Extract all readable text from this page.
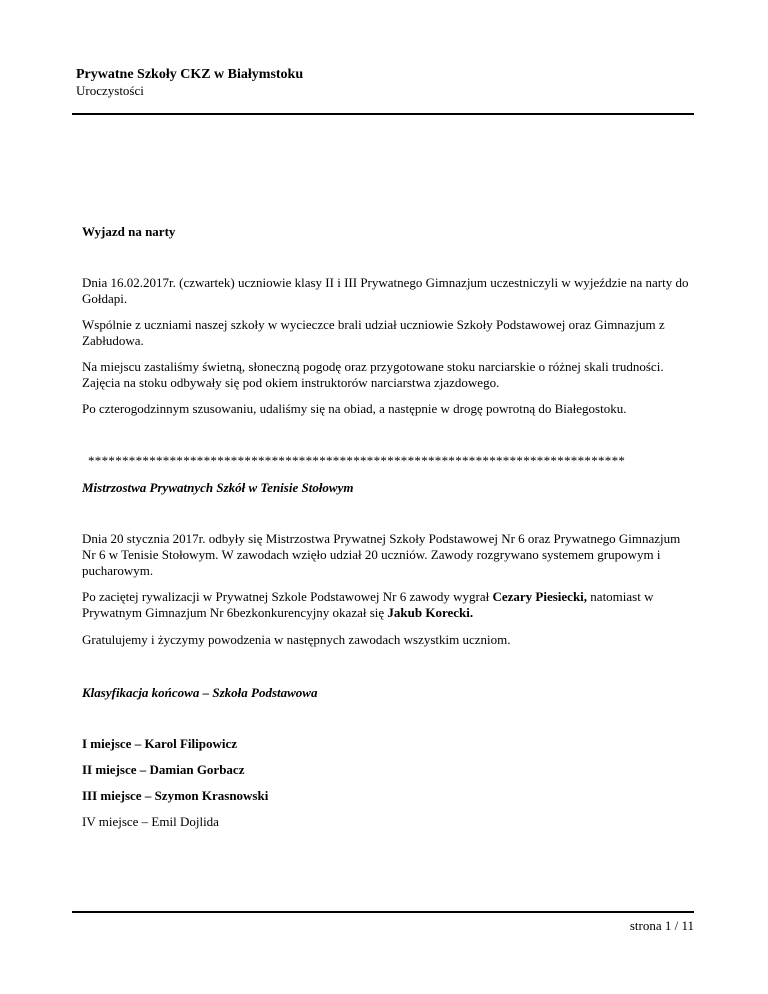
Prywatne Szkoły CKZ w Białymstoku
Uroczystości

Wyjazd na narty

Dnia 16.02.2017r. (czwartek) uczniowie klasy II i III Prywatnego Gimnazjum uczestniczyli w wyjeździe na narty do Gołdapi.

Wspólnie z uczniami naszej szkoły w wycieczce brali udział uczniowie Szkoły Podstawowej oraz Gimnazjum z Zabłudowa.

Na miejscu zastaliśmy świetną, słoneczną pogodę oraz przygotowane stoku narciarskie o różnej skali trudności. Zajęcia na stoku odbywały się pod okiem instruktorów narciarstwa zjazdowego.

Po czterogodzinnym szusowaniu, udaliśmy się na obiad, a następnie w drogę powrotną do Białegostoku.

*******************************************************************************

Mistrzostwa Prywatnych Szkół w Tenisie Stołowym

Dnia 20 stycznia 2017r. odbyły się Mistrzostwa Prywatnej Szkoły Podstawowej Nr 6 oraz Prywatnego Gimnazjum Nr 6 w Tenisie Stołowym. W zawodach wzięło udział 20 uczniów. Zawody rozgrywano systemem grupowym i pucharowym.

Po zaciętej rywalizacji w Prywatnej Szkole Podstawowej Nr 6 zawody wygrał Cezary Piesiecki, natomiast w Prywatnym Gimnazjum Nr 6bezkonkurencyjny okazał się Jakub Korecki.

Gratulujemy i życzymy powodzenia w następnych zawodach wszystkim uczniom.

Klasyfikacja końcowa – Szkoła Podstawowa

I miejsce – Karol Filipowicz

II miejsce – Damian Gorbacz

III miejsce – Szymon Krasnowski

IV miejsce – Emil Dojlida

strona 1 / 11
